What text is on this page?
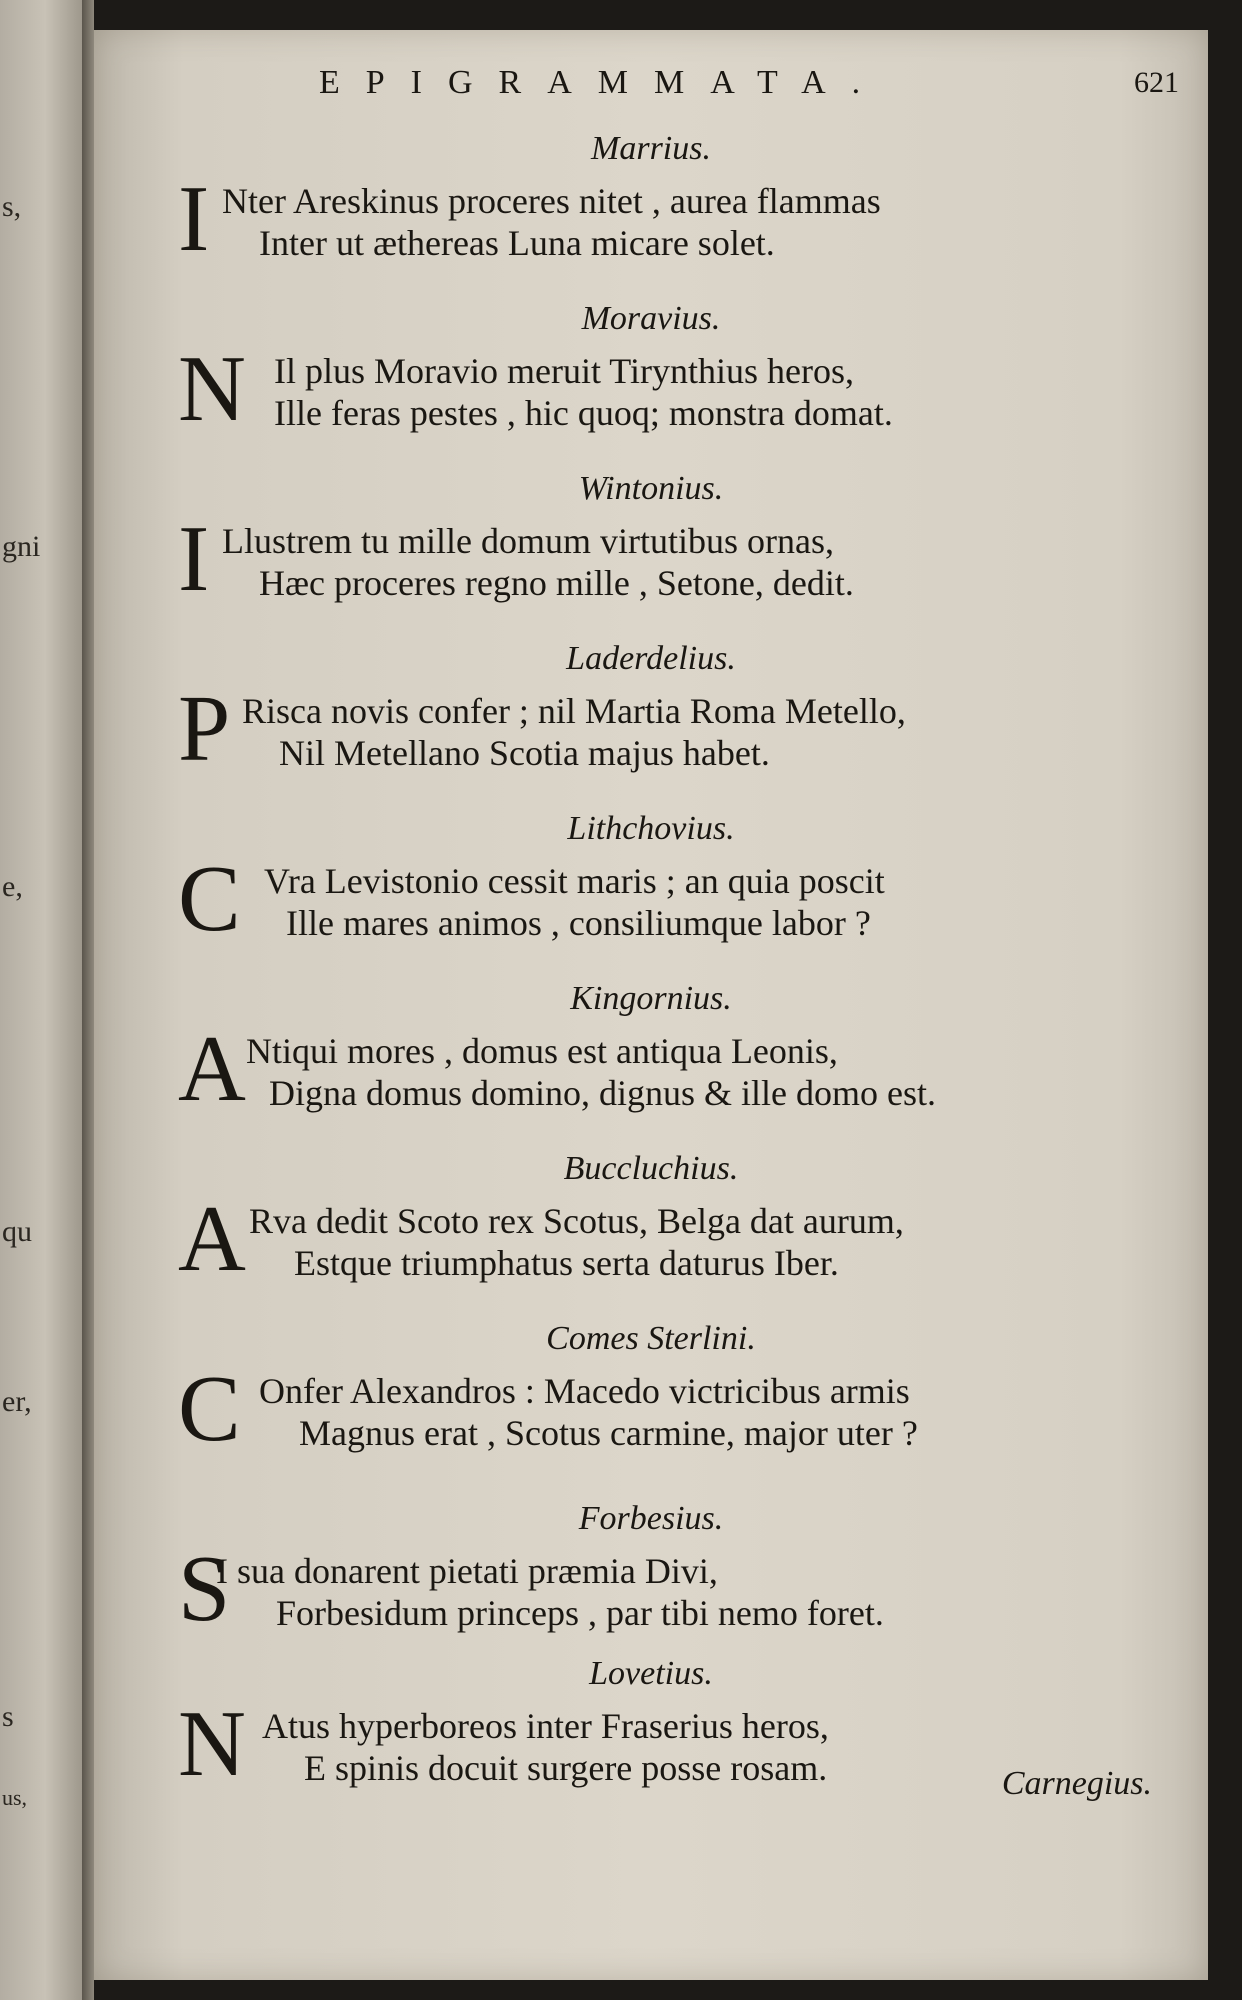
s,
gni
e,
qu
er,
s
us,
EPIGRAMMATA.	621
Marrius.
I Nter Areskinus proceres nitet , aurea flammas
Inter ut æthereas Luna micare solet.
Moravius.
N Il plus Moravio meruit Tirynthius heros,
Ille feras pestes , hic quoq; monstra domat.
Wintonius.
I Llustrem tu mille domum virtutibus ornas,
Hæc proceres regno mille , Setone, dedit.
Laderdelius.
P Risca novis confer ; nil Martia Roma Metello,
Nil Metellano Scotia majus habet.
Lithchovius.
C Vra Levistonio cessit maris ; an quia poscit
Ille mares animos , consiliumque labor ?
Kingornius.
A Ntiqui mores , domus est antiqua Leonis,
Digna domus domino, dignus & ille domo est.
Buccluchius.
A Rva dedit Scoto rex Scotus, Belga dat aurum,
Estque triumphatus serta daturus Iber.
Comes Sterlini.
C Onfer Alexandros : Macedo victricibus armis
Magnus erat , Scotus carmine, major uter ?
Forbesius.
S
I sua donarent pietati præmia Divi,
Forbesidum princeps , par tibi nemo foret.
Lovetius.
N Atus hyperboreos inter Fraserius heros,
E spinis docuit surgere posse rosam.	Carnegius.
